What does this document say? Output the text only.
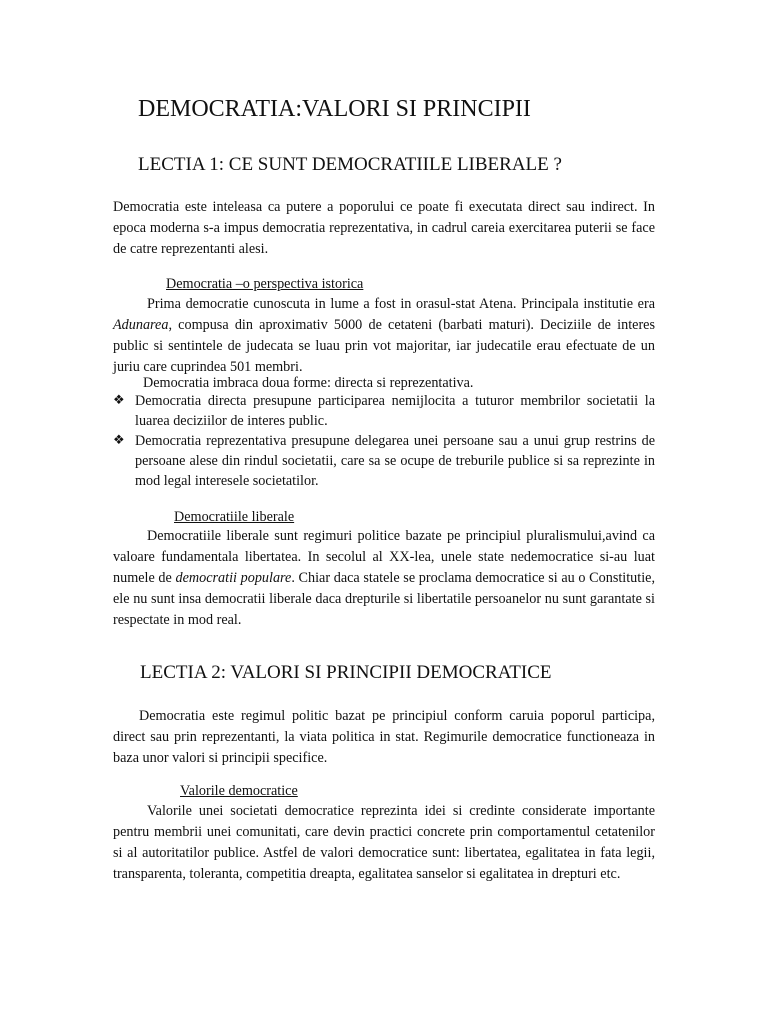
DEMOCRATIA:VALORI SI PRINCIPII
LECTIA 1: CE SUNT DEMOCRATIILE LIBERALE ?

Democratia este inteleasa ca putere a poporului ce poate fi executata direct sau indirect. In epoca moderna s-a impus democratia reprezentativa, in cadrul careia exercitarea puterii se face de catre reprezentanti alesi.

Democratia –o perspectiva istorica

Prima democratie cunoscuta in lume a fost in orasul-stat Atena. Principala institutie era Adunarea, compusa din aproximativ 5000 de cetateni (barbati maturi). Deciziile de interes public si sentintele de judecata se luau prin vot majoritar, iar judecatile erau efectuate de un juriu care cuprindea 501 membri.

Democratia imbraca doua forme: directa si reprezentativa.

❖ Democratia directa presupune participarea nemijlocita a tuturor membrilor societatii la luarea deciziilor de interes public.
❖ Democratia reprezentativa presupune delegarea unei persoane sau a unui grup restrins de persoane alese din rindul societatii, care sa se ocupe de treburile publice si sa reprezinte in mod legal interesele societatilor.

Democratiile liberale

Democratiile liberale sunt regimuri politice bazate pe principiul pluralismului,avind ca valoare fundamentala libertatea. In secolul al XX-lea, unele state nedemocratice si-au luat numele de democratii populare. Chiar daca statele se proclama democratice si au o Constitutie, ele nu sunt insa democratii liberale daca drepturile si libertatile persoanelor nu sunt garantate si respectate in mod real.

LECTIA 2: VALORI SI PRINCIPII DEMOCRATICE

Democratia este regimul politic bazat pe principiul conform caruia poporul participa, direct sau prin reprezentanti, la viata politica in stat. Regimurile democratice functioneaza in baza unor valori si principii specifice.

Valorile democratice

Valorile unei societati democratice reprezinta idei si credinte considerate importante pentru membrii unei comunitati, care devin practici concrete prin comportamentul cetatenilor si al autoritatilor publice. Astfel de valori democratice sunt: libertatea, egalitatea in fata legii, transparenta, toleranta, competitia dreapta, egalitatea sanselor si egalitatea in drepturi etc.
